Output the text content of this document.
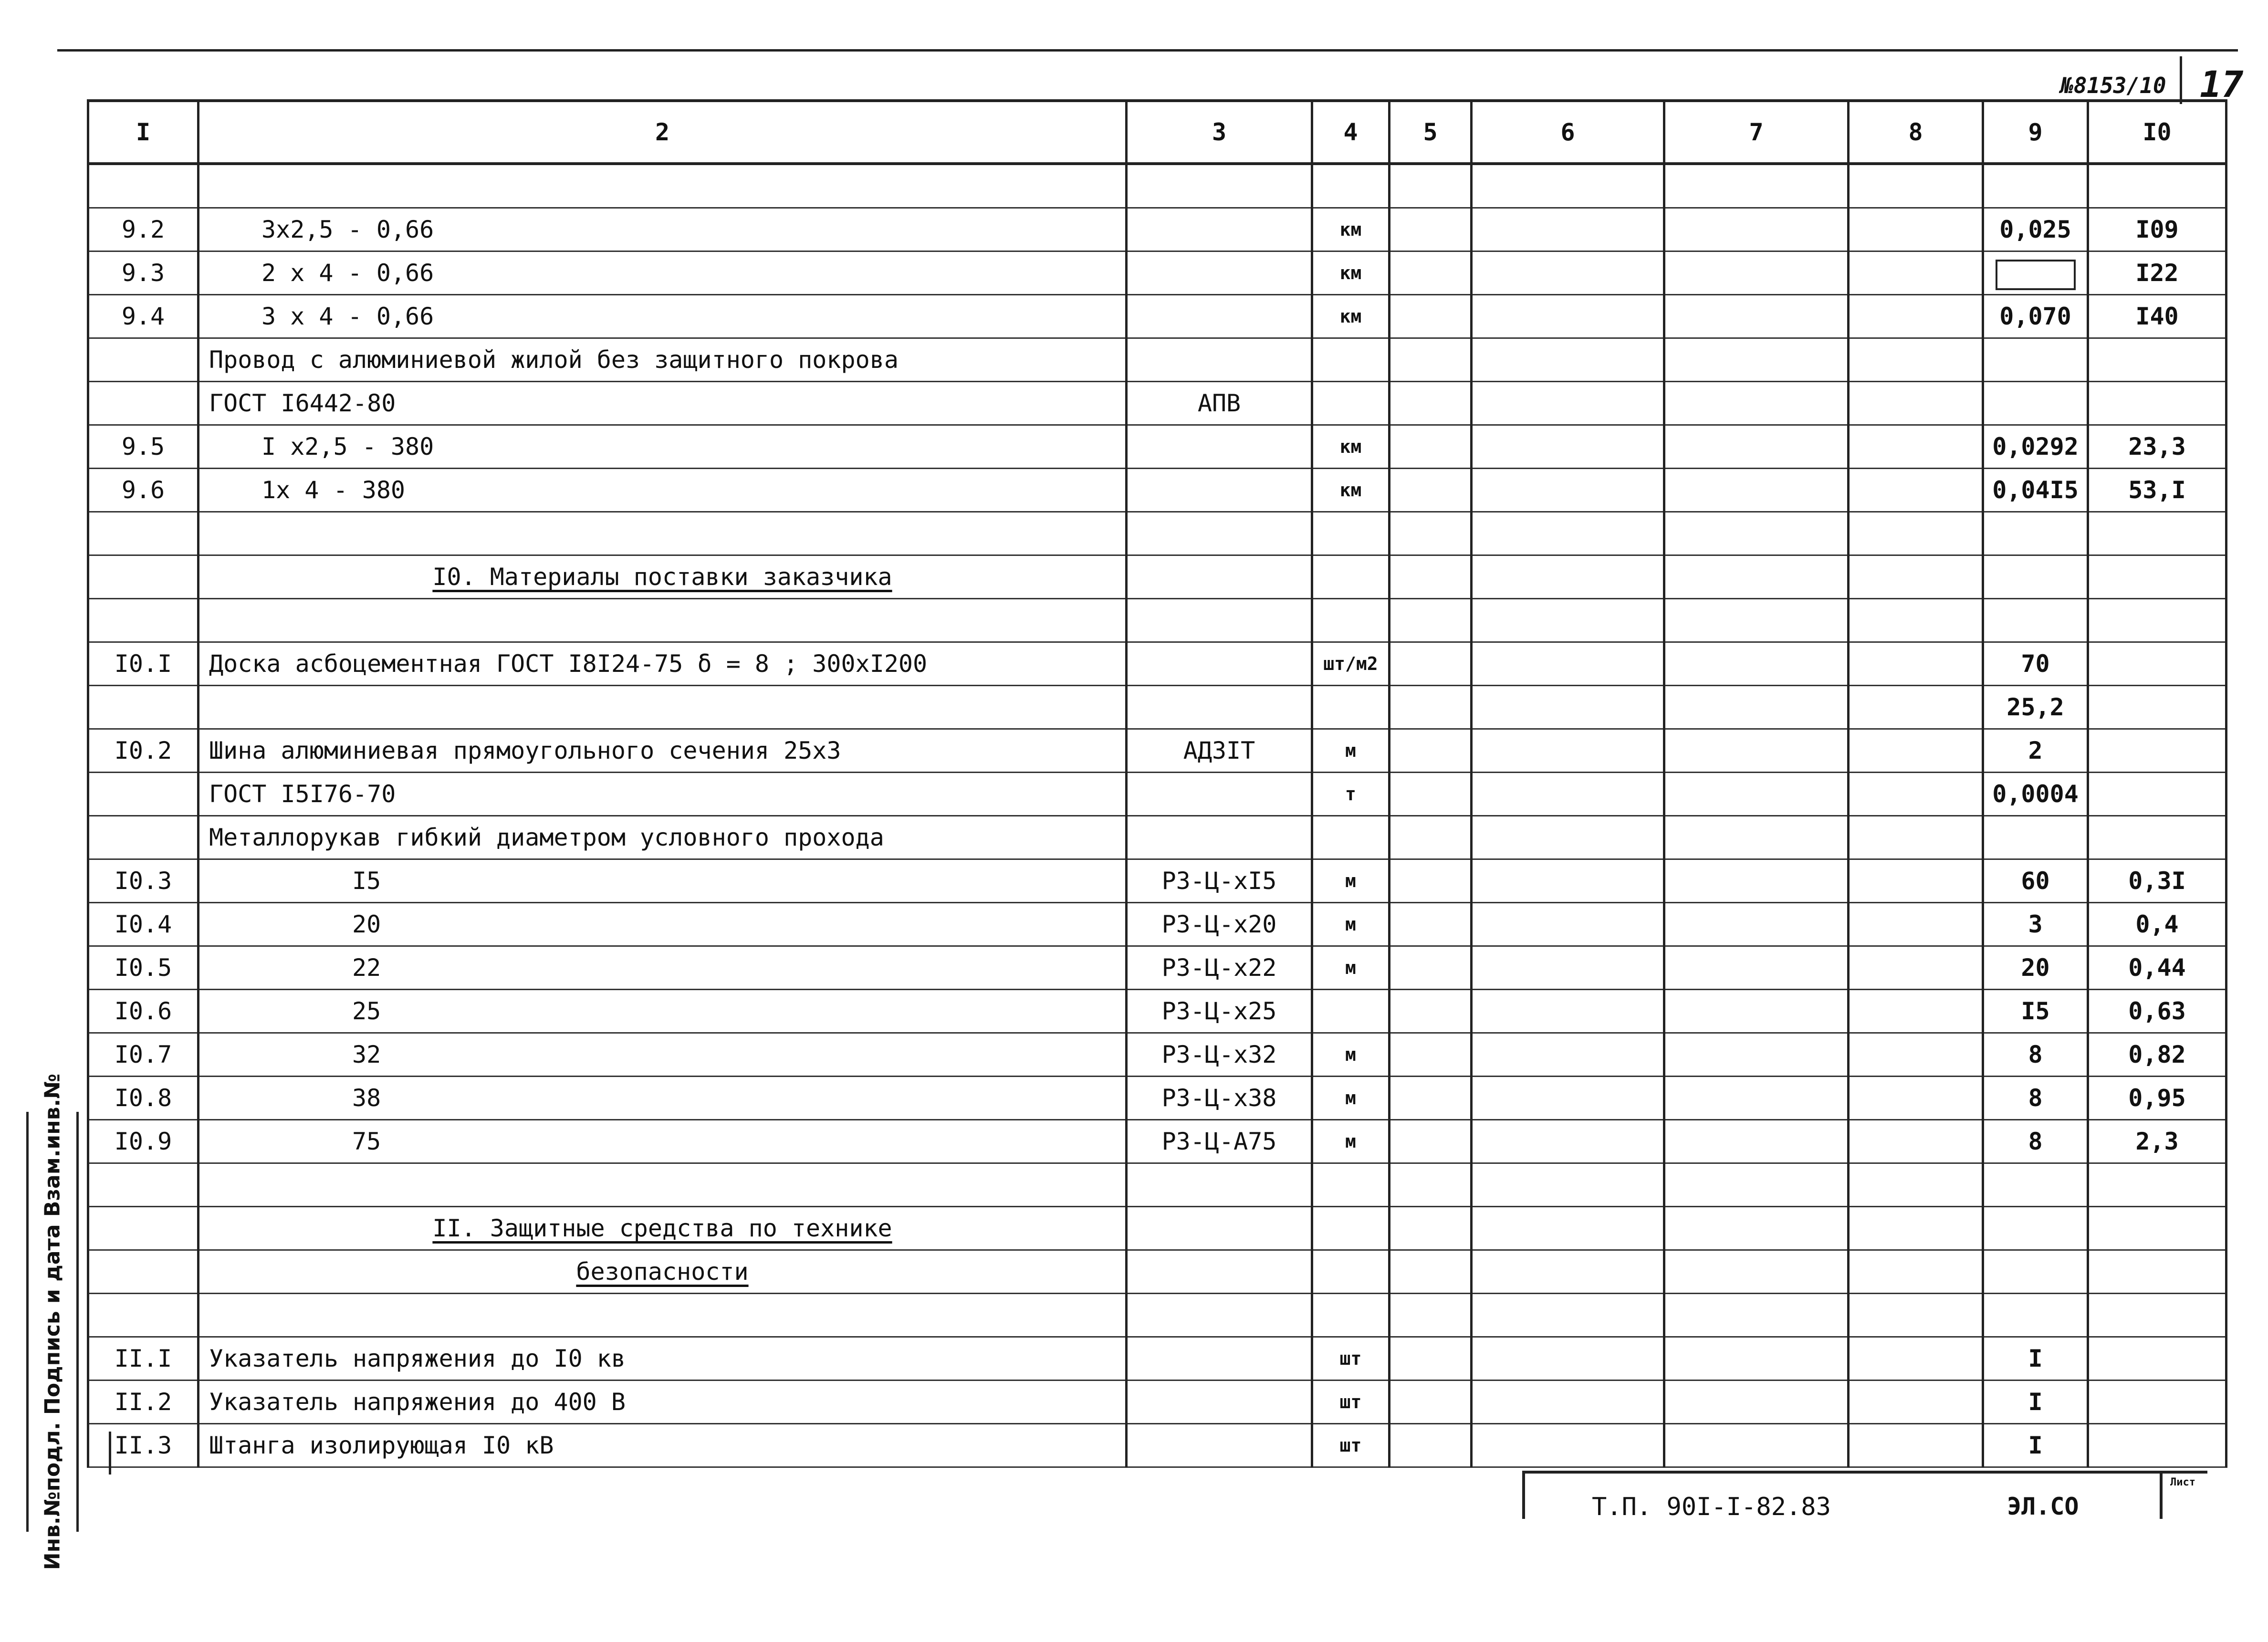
№8153/10 17
I	2	3	4	5	6	7	8	9	I0

9.2	3x2,5 - 0,66		км					0,025	I09
9.3	2 x 4 - 0,66		км						I22
9.4	3 x 4 - 0,66		км					0,070	I40
	Провод с алюминиевой жилой без защитного покрова								
	ГОСТ I6442-80	АПВ							
9.5	I x2,5 - 380		км					0,0292	23,3
9.6	1x 4 - 380		км					0,04I5	53,I

	I0. Материалы поставки заказчика								

I0.I	Доска асбоцементная ГОСТ I8I24-75 δ = 8 ; 300xI200		шт/м2					70	
								25,2	
I0.2	Шина алюминиевая прямоугольного сечения 25x3	АД3IТ	м					2	
	ГОСТ I5I76-70		т					0,0004	
	Металлорукав гибкий диаметром условного прохода								
I0.3	I5	Р3-Ц-хI5	м					60	0,3I
I0.4	20	Р3-Ц-х20	м					3	0,4
I0.5	22	Р3-Ц-х22	м					20	0,44
I0.6	25	Р3-Ц-х25						I5	0,63
I0.7	32	Р3-Ц-х32	м					8	0,82
I0.8	38	Р3-Ц-х38	м					8	0,95
I0.9	75	Р3-Ц-А75	м					8	2,3

	II. Защитные средства по технике								
	безопасности								

II.I	Указатель напряжения до I0 кв		шт					I	
II.2	Указатель напряжения до 400 В		шт					I	
II.3	Штанга изолирующая I0 кВ		шт					I	
Инв.№подл. Подпись и дата Взам.инв.№	Т.П. 90I-I-82.83	ЭЛ.СО
Лист
